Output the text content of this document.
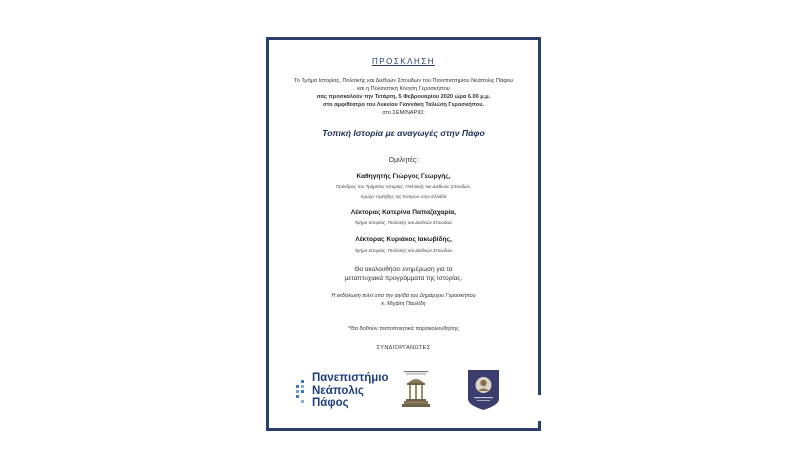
ΠΡΟΣΚΛΗΣΗ
Το Τμήμα Ιστορίας, Πολιτικής και Διεθνών Σπουδών του Πανεπιστημίου Νεάπολις Πάφου
και η Πολιτιστική Κίνηση Γεροσκήπου
σας προσκαλούν την Τετάρτη, 5 Φεβρουαρίου 2020 ώρα 6.00 μ.μ.
στο αμφιθέατρο του Λυκείου Γιαννάκη Ταλιώτη Γεροσκήπου.
στο ΣΕΜΙΝΑΡΙΟ:
Τοπική Ιστορία με αναγωγές στην Πάφο
Ομιλητές:
Καθηγητής Γιώργος Γεωργής,
Πρόεδρος του Τμήματος Ιστορίας, Πολιτικής και Διεθνών Σπουδών,
πρώην πρέσβης της Κύπρου στην Ελλάδα
Λέκτορας Κατερίνα Παπαζαχαρία,
Τμήμα Ιστορίας, Πολιτικής και Διεθνών Σπουδών
Λέκτορας Κυριάκος Ιακωβίδης,
Τμήμα Ιστορίας, Πολιτικής και Διεθνών Σπουδών
Θα ακολουθήσει ενημέρωση για τα
μεταπτυχιακά προγράμματα της Ιστορίας.
Η εκδήλωση τελεί υπό την αιγίδα του Δημάρχου Γεροσκήπου
κ. Μιχάλη Παυλίδη
*Θα δοθούν πιστοποιητικά παρακολούθησης
ΣΥΝΔΙΟΡΓΑΝΩΤΕΣ
Πανεπιστήμιο
Νεάπολις
Πάφος
